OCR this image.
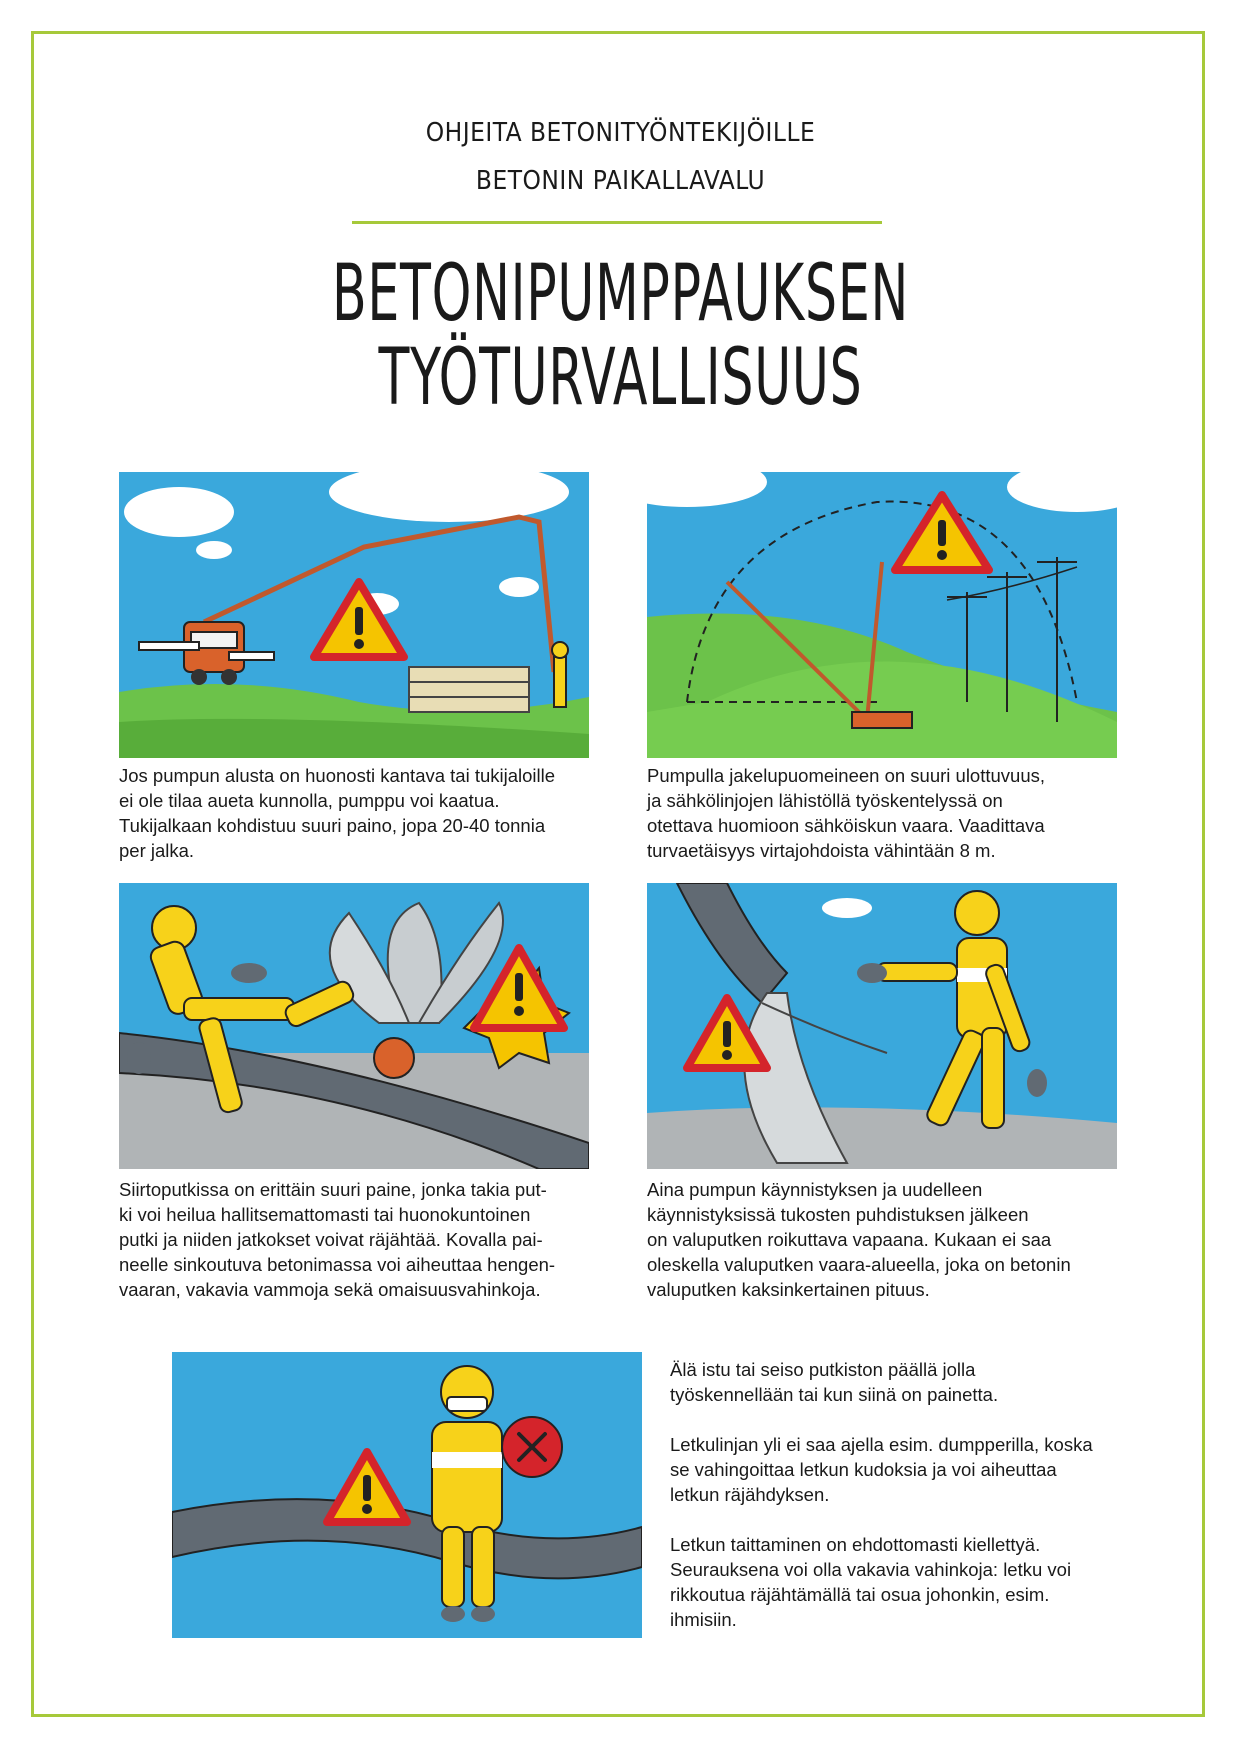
OHJEITA BETONITYÖNTEKIJÖILLE
BETONIN PAIKALLAVALU
BETONIPUMPPAUKSEN
TYÖTURVALLISUUS
Jos pumpun alusta on huonosti kantava tai tukijaloille
ei ole tilaa aueta kunnolla, pumppu voi kaatua.
Tukijalkaan kohdistuu suuri paino, jopa 20-40 tonnia
per jalka.
Pumpulla jakelupuomeineen on suuri ulottuvuus,
ja sähkölinjojen lähistöllä työskentelyssä on
otettava huomioon sähköiskun vaara. Vaadittava
turvaetäisyys virtajohdoista vähintään 8 m.
Siirtoputkissa on erittäin suuri paine, jonka takia put-
ki voi heilua hallitsemattomasti tai huonokuntoinen
putki ja niiden jatkokset voivat räjähtää. Kovalla pai-
neelle sinkoutuva betonimassa voi aiheuttaa hengen-
vaaran, vakavia vammoja sekä omaisuusvahinkoja.
Aina pumpun käynnistyksen ja uudelleen
käynnistyksissä tukosten puhdistuksen jälkeen
on valuputken roikuttava vapaana. Kukaan ei saa
oleskella valuputken vaara-alueella, joka on betonin
valuputken kaksinkertainen pituus.

Älä istu tai seiso putkiston päällä jolla
työskennellään tai kun siinä on painetta.

Letkulinjan yli ei saa ajella esim. dumpperilla, koska
se vahingoittaa letkun kudoksia ja voi aiheuttaa
letkun räjähdyksen.

Letkun taittaminen on ehdottomasti kiellettyä.
Seurauksena voi olla vakavia vahinkoja: letku voi
rikkoutua räjähtämällä tai osua johonkin, esim.
ihmisiin.
